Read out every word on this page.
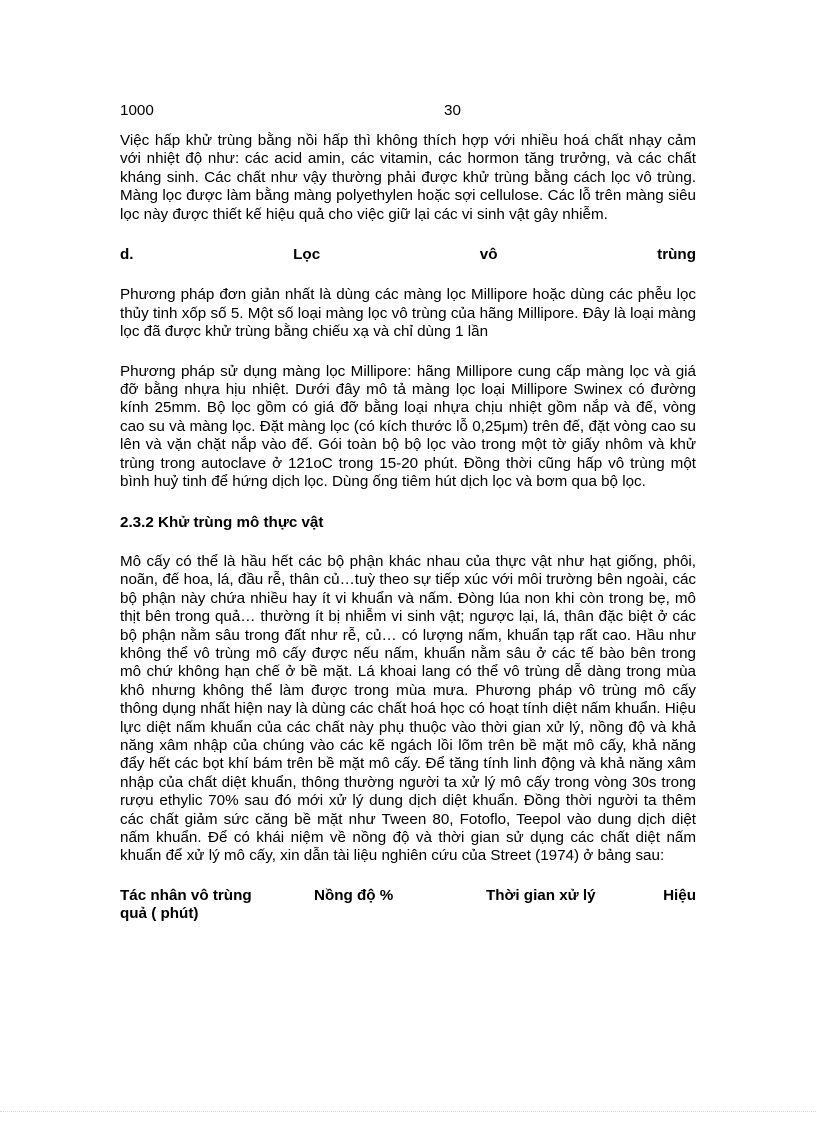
1000	30

Việc hấp khử trùng bằng nồi hấp thì không thích hợp với nhiều hoá chất nhạy cảm với nhiệt độ như: các acid amin, các vitamin, các hormon tăng trưởng, và các chất kháng sinh. Các chất như vậy thường phải được khử trùng bằng cách lọc vô trùng. Màng lọc được làm bằng màng polyethylen hoặc sợi cellulose. Các lỗ trên màng siêu lọc này được thiết kế hiệu quả cho việc giữ lại các vi sinh vật gây nhiễm.

d.	Lọc	vô	trùng

Phương pháp đơn giản nhất là dùng các màng lọc Millipore hoặc dùng các phễu lọc thủy tinh xốp số 5. Một số loại màng lọc vô trùng của hãng Millipore. Đây là loại màng lọc đã được khử trùng bằng chiếu xạ và chỉ dùng 1 lần

Phương pháp sử dụng màng lọc Millipore: hãng Millipore cung cấp màng lọc và giá đỡ bằng nhựa hịu nhiệt. Dưới đây mô tả màng lọc loại Millipore Swinex có đường kính 25mm. Bộ lọc gồm có giá đỡ bằng loại nhựa chịu nhiệt gồm nắp và đế, vòng cao su và màng lọc. Đặt màng lọc (có kích thước lỗ 0,25μm) trên đế, đặt vòng cao su lên và vặn chặt nắp vào đế. Gói toàn bộ bộ lọc vào trong một tờ giấy nhôm và khử trùng trong autoclave ở 121oC trong 15-20 phút. Đồng thời cũng hấp vô trùng một bình huỷ tinh để hứng dịch lọc. Dùng ống tiêm hút dịch lọc và bơm qua bộ lọc.

2.3.2 Khử trùng mô thực vật

Mô cấy có thể là hầu hết các bộ phận khác nhau của thực vật như hạt giống, phôi, noãn, đế hoa, lá, đầu rễ, thân củ…tuỳ theo sự tiếp xúc với môi trường bên ngoài, các bộ phận này chứa nhiều hay ít vi khuẩn và nấm. Đòng lúa non khi còn trong bẹ, mô thịt bên trong quả… thường ít bị nhiễm vi sinh vật; ngược lại, lá, thân đặc biệt ở các bộ phận nằm sâu trong đất như rễ, củ… có lượng nấm, khuẩn tạp rất cao. Hầu như không thể vô trùng mô cấy được nếu nấm, khuẩn nằm sâu ở các tế bào bên trong mô chứ không hạn chế ở bề mặt. Lá khoai lang có thể vô trùng dễ dàng trong mùa khô nhưng không thể làm được trong mùa mưa. Phương pháp vô trùng mô cấy thông dụng nhất hiện nay là dùng các chất hoá học có hoạt tính diệt nấm khuẩn. Hiệu lực diệt nấm khuẩn của các chất này phụ thuộc vào thời gian xử lý, nồng độ và khả năng xâm nhập của chúng vào các kẽ ngách lồi lõm trên bề mặt mô cấy, khả năng đẩy hết các bọt khí bám trên bề mặt mô cấy. Để tăng tính linh động và khả năng xâm nhập của chất diệt khuẩn, thông thường người ta xử lý mô cấy trong vòng 30s trong rượu ethylic 70% sau đó mới xử lý dung dịch diệt khuẩn. Đồng thời người ta thêm các chất giảm sức căng bề mặt như Tween 80, Fotoflo, Teepol vào dung dịch diệt nấm khuẩn. Để có khái niệm về nồng độ và thời gian sử dụng các chất diệt nấm khuẩn để xử lý mô cấy, xin dẫn tài liệu nghiên cứu của Street (1974) ở bảng sau:

Tác nhân vô trùng	Nồng độ %	Thời gian xử lý	Hiệu
quả ( phút)
